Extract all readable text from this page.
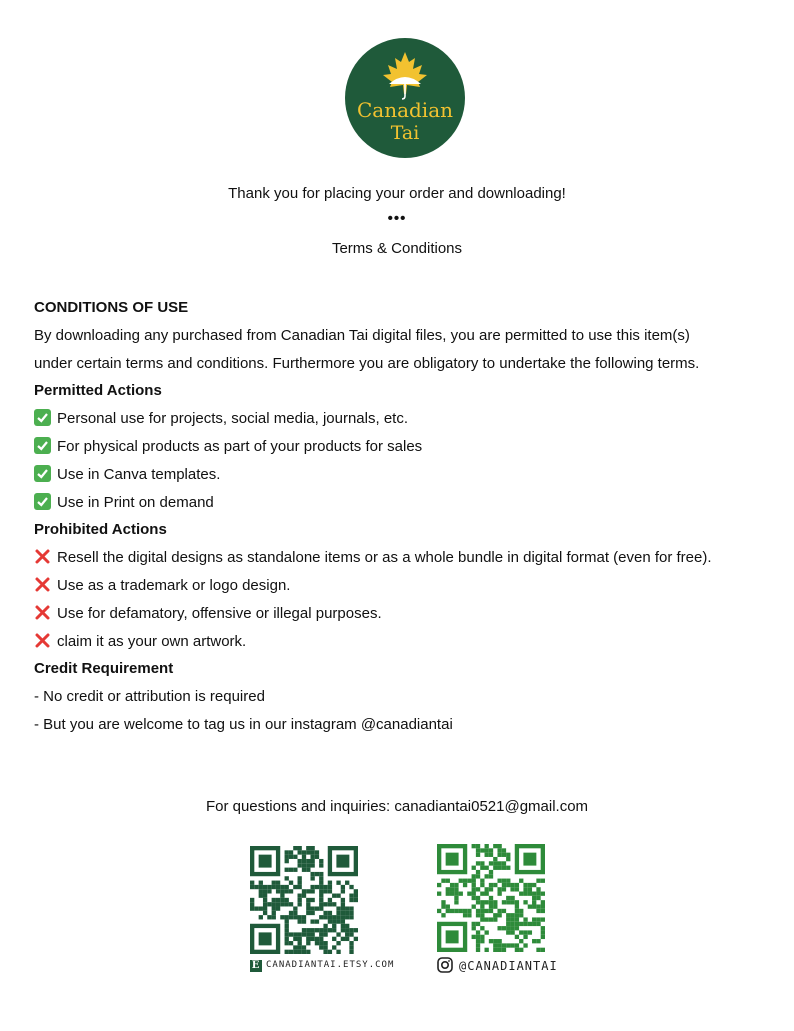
Canadian
Tai
Thank you for placing your order and downloading!
•••
Terms & Conditions
CONDITIONS OF USE
By downloading any purchased from Canadian Tai digital files, you are permitted to use this item(s)
under certain terms and conditions. Furthermore you are obligatory to undertake the following terms.
Permitted Actions
Personal use for projects, social media, journals, etc.
For physical products as part of your products for sales
Use in Canva templates.
Use in Print on demand
Prohibited Actions
Resell the digital designs as standalone items or as a whole bundle in digital format (even for free).
Use as a trademark or logo design.
Use for defamatory, offensive or illegal purposes.
claim it as your own artwork.
Credit Requirement
- No credit or attribution is required
- But you are welcome to tag us in our instagram @canadiantai
For questions and inquiries: canadiantai0521@gmail.com
E CANADIANTAI.ETSY.COM	@CANADIANTAI
